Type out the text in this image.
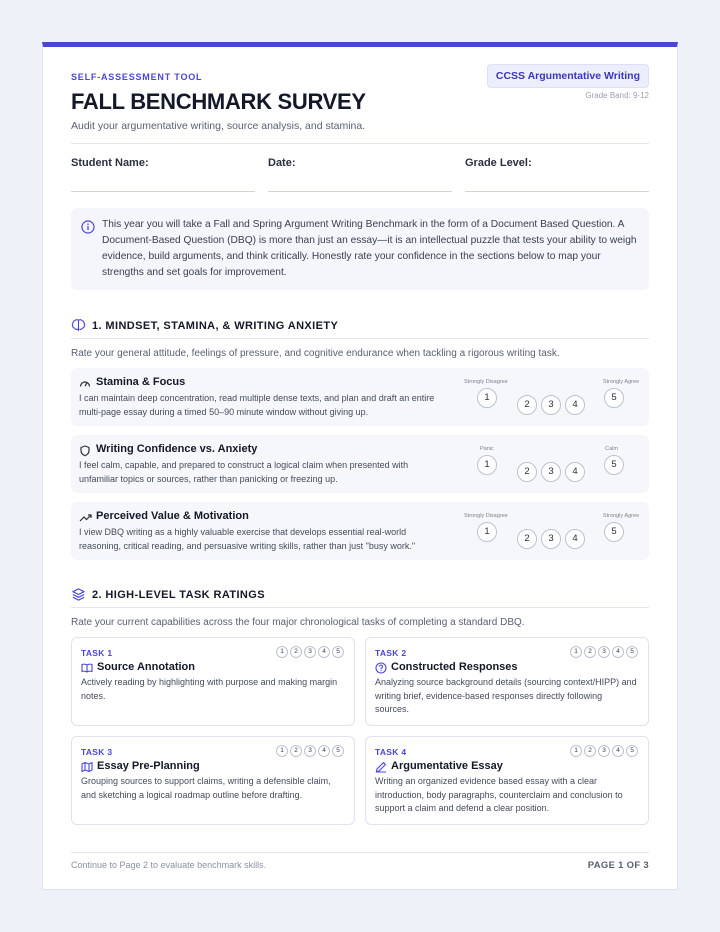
SELF-ASSESSMENT TOOL
FALL BENCHMARK SURVEY
Audit your argumentative writing, source analysis, and stamina.
CCSS Argumentative Writing
Grade Band: 9-12
Student Name:	Date:	Grade Level:
This year you will take a Fall and Spring Argument Writing Benchmark in the form of a Document Based Question. A Document-Based Question (DBQ) is more than just an essay—it is an intellectual puzzle that tests your ability to weigh evidence, build arguments, and think critically. Honestly rate your confidence in the sections below to map your strengths and set goals for improvement.
1. MINDSET, STAMINA, & WRITING ANXIETY
Rate your general attitude, feelings of pressure, and cognitive endurance when tackling a rigorous writing task.
Stamina & Focus
I can maintain deep concentration, read multiple dense texts, and plan and draft an entire multi-page essay during a timed 50–90 minute window without giving up.
Strongly Disagree	Strongly Agree
1
2	3	4
5
Writing Confidence vs. Anxiety
I feel calm, capable, and prepared to construct a logical claim when presented with unfamiliar topics or sources, rather than panicking or freezing up.
Panic	Calm
1
2	3	4
5
Perceived Value & Motivation
I view DBQ writing as a highly valuable exercise that develops essential real-world reasoning, critical reading, and persuasive writing skills, rather than just "busy work."
Strongly Disagree	Strongly Agree
1
2	3	4
5
2. HIGH-LEVEL TASK RATINGS
Rate your current capabilities across the four major chronological tasks of completing a standard DBQ.
TASK 1	1	2	3	4	5
Source Annotation
Actively reading by highlighting with purpose and making margin notes.
TASK 2	1	2	3	4	5
Constructed Responses
Analyzing source background details (sourcing context/HIPP) and writing brief, evidence-based responses directly following sources.
TASK 3	1	2	3	4	5
Essay Pre-Planning
Grouping sources to support claims, writing a defensible claim, and sketching a logical roadmap outline before drafting.
TASK 4	1	2	3	4	5
Argumentative Essay
Writing an organized evidence based essay with a clear introduction, body paragraphs, counterclaim and conclusion to support a claim and defend a clear position.
Continue to Page 2 to evaluate benchmark skills.	PAGE 1 OF 3
